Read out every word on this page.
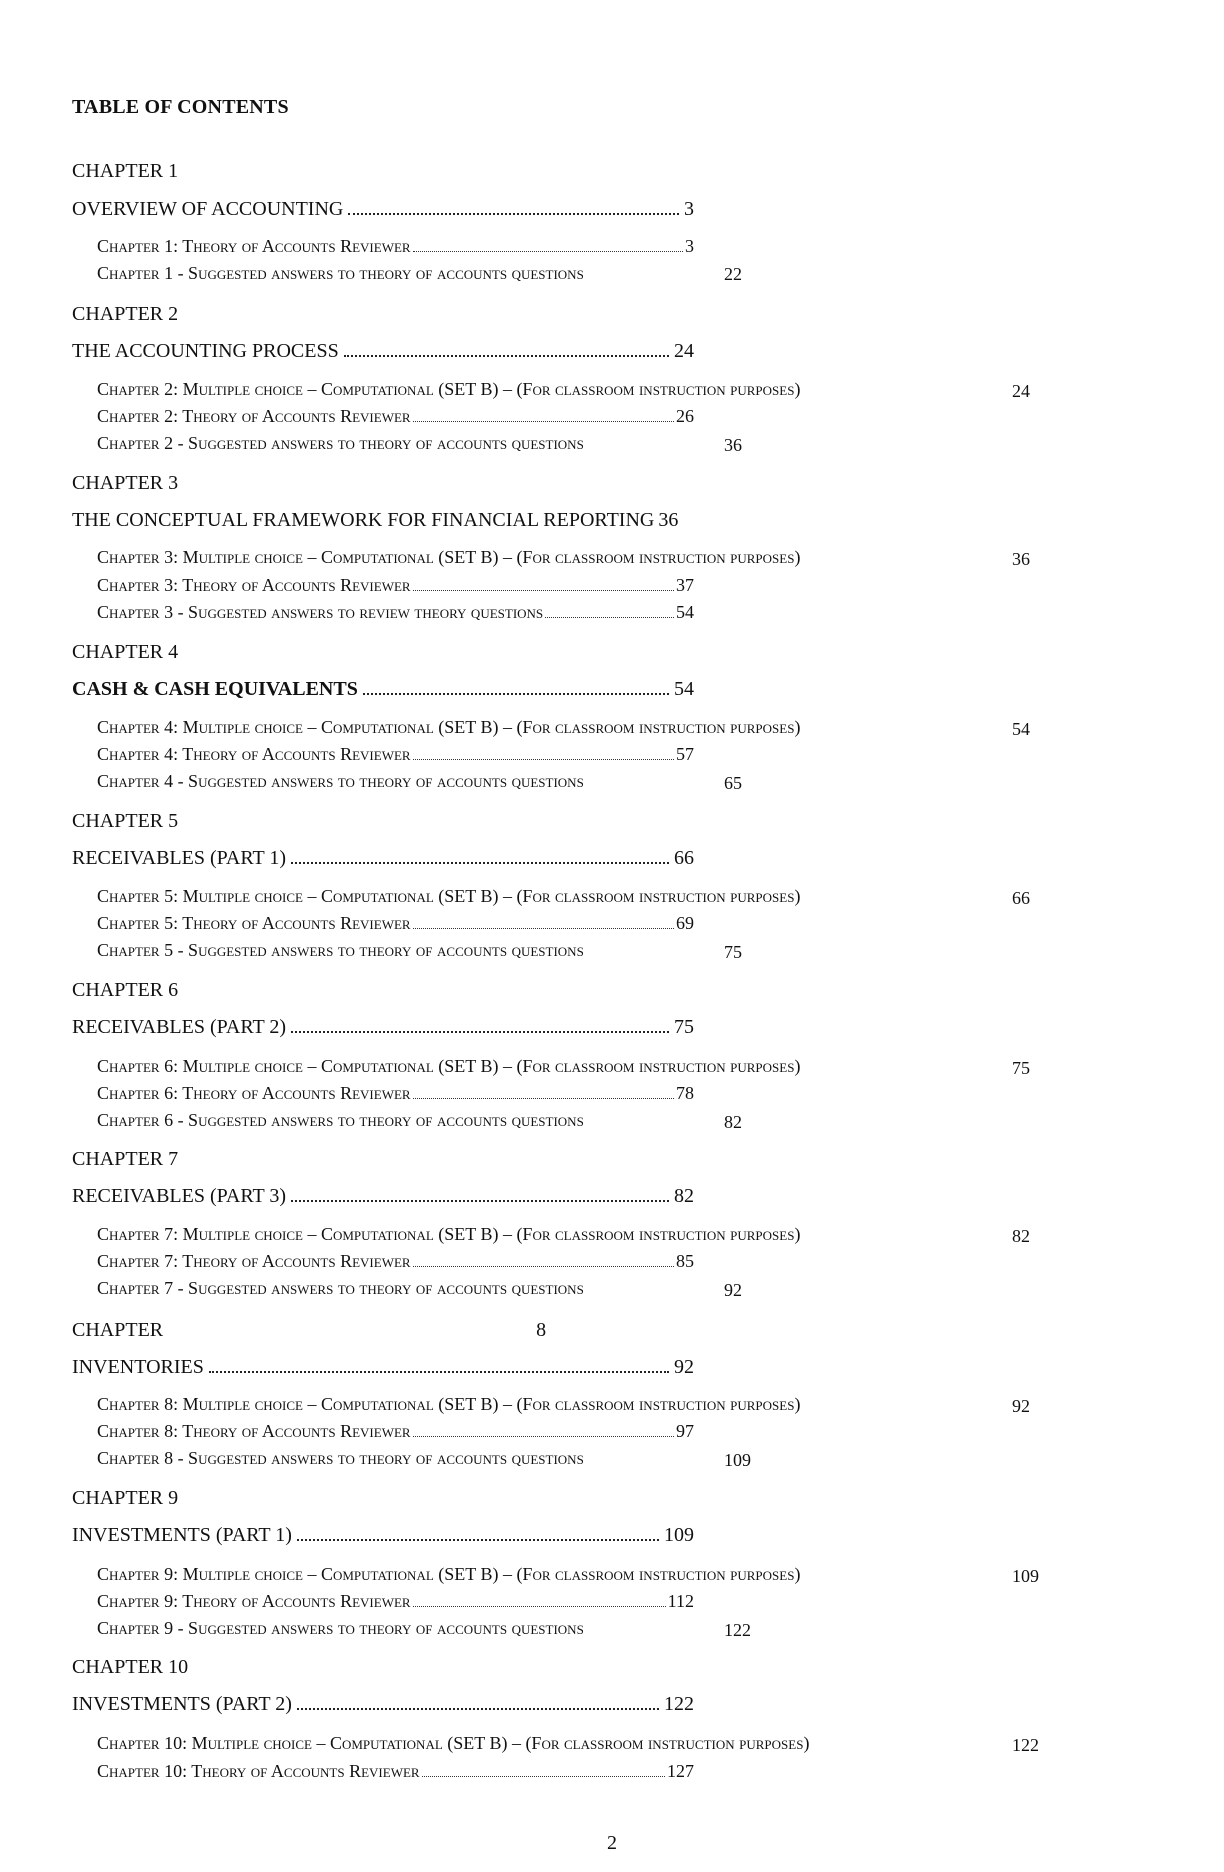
TABLE OF CONTENTS
CHAPTER 1
OVERVIEW OF ACCOUNTING	3
Chapter 1: Theory of Accounts Reviewer	3
Chapter 1 - Suggested answers to theory of accounts questions	22
CHAPTER 2
THE ACCOUNTING PROCESS	24
Chapter 2: Multiple choice – Computational (SET B) – (For classroom instruction purposes)	24
Chapter 2: Theory of Accounts Reviewer	26
Chapter 2 - Suggested answers to theory of accounts questions	36
CHAPTER 3
THE CONCEPTUAL FRAMEWORK FOR FINANCIAL REPORTING 36
Chapter 3: Multiple choice – Computational (SET B) – (For classroom instruction purposes)	36
Chapter 3: Theory of Accounts Reviewer	37
Chapter 3 - Suggested answers to review theory questions	54
CHAPTER 4
CASH & CASH EQUIVALENTS	54
Chapter 4: Multiple choice – Computational (SET B) – (For classroom instruction purposes)	54
Chapter 4: Theory of Accounts Reviewer	57
Chapter 4 - Suggested answers to theory of accounts questions	65
CHAPTER 5
RECEIVABLES (PART 1)	66
Chapter 5: Multiple choice – Computational (SET B) – (For classroom instruction purposes)	66
Chapter 5: Theory of Accounts Reviewer	69
Chapter 5 - Suggested answers to theory of accounts questions	75
CHAPTER 6
RECEIVABLES (PART 2)	75
Chapter 6: Multiple choice – Computational (SET B) – (For classroom instruction purposes)	75
Chapter 6: Theory of Accounts Reviewer	78
Chapter 6 - Suggested answers to theory of accounts questions	82
CHAPTER 7
RECEIVABLES (PART 3)	82
Chapter 7: Multiple choice – Computational (SET B) – (For classroom instruction purposes)	82
Chapter 7: Theory of Accounts Reviewer	85
Chapter 7 - Suggested answers to theory of accounts questions	92
CHAPTER	8
INVENTORIES	92
Chapter 8: Multiple choice – Computational (SET B) – (For classroom instruction purposes)	92
Chapter 8: Theory of Accounts Reviewer	97
Chapter 8 - Suggested answers to theory of accounts questions	109
CHAPTER 9
INVESTMENTS (PART 1)	109
Chapter 9: Multiple choice – Computational (SET B) – (For classroom instruction purposes)	109
Chapter 9: Theory of Accounts Reviewer	112
Chapter 9 - Suggested answers to theory of accounts questions	122
CHAPTER 10
INVESTMENTS (PART 2)	122
Chapter 10: Multiple choice – Computational (SET B) – (For classroom instruction purposes)	122
Chapter 10: Theory of Accounts Reviewer	127
2
